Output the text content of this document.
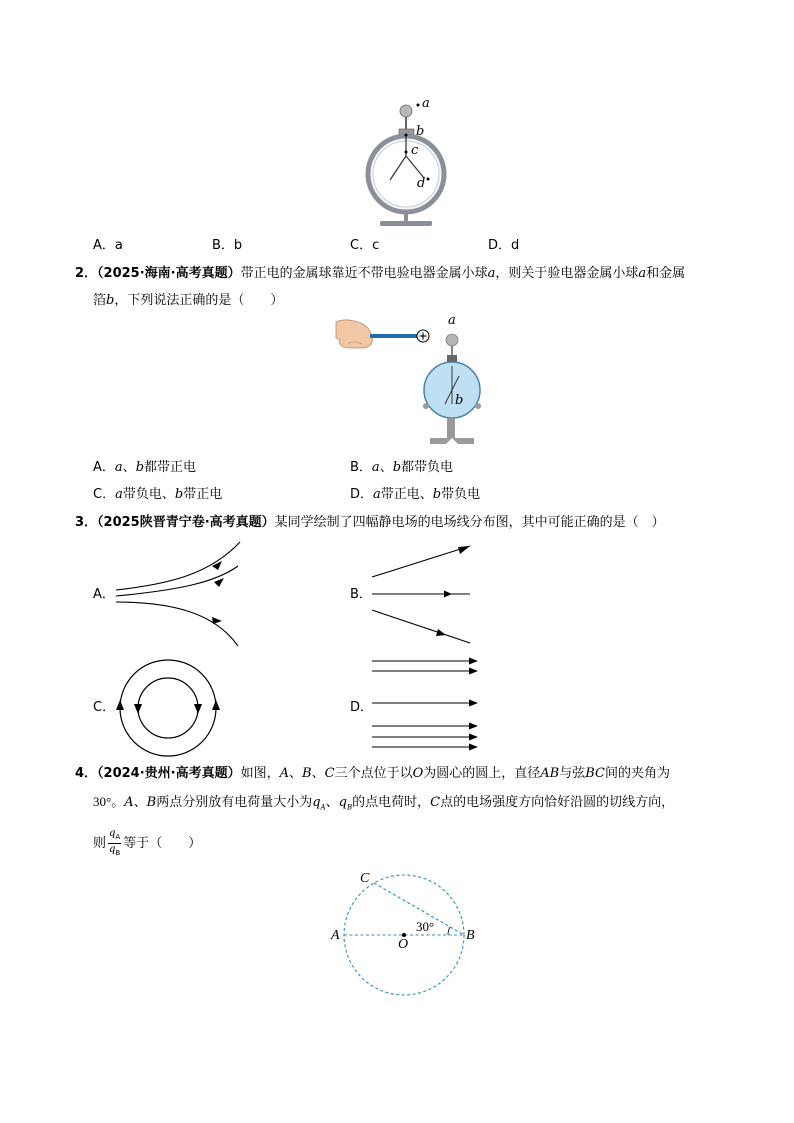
a
b
c
d
A．a	B．b	C．c	D．d
2．（2025·海南·高考真题）带正电的金属球靠近不带电验电器金属小球a，则关于验电器金属小球a和金属
箔b，下列说法正确的是（　　）
a
b
A．a、b都带正电	B．a、b都带负电
C．a带负电、b带正电	D．a带正电、b带负电
3．（2025陕晋青宁卷·高考真题）某同学绘制了四幅静电场的电场线分布图，其中可能正确的是（　）
A．	B．
C．	D．
4．（2024·贵州·高考真题）如图，A、B、C三个点位于以O为圆心的圆上，直径AB与弦BC间的夹角为
30°。A、B两点分别放有电荷量大小为$q_A$、$q_B$的点电荷时，C点的电场强度方向恰好沿圆的切线方向，
则 $\frac{q_A}{q_B}$ 等于（　　）
C
A	B
O
30°
